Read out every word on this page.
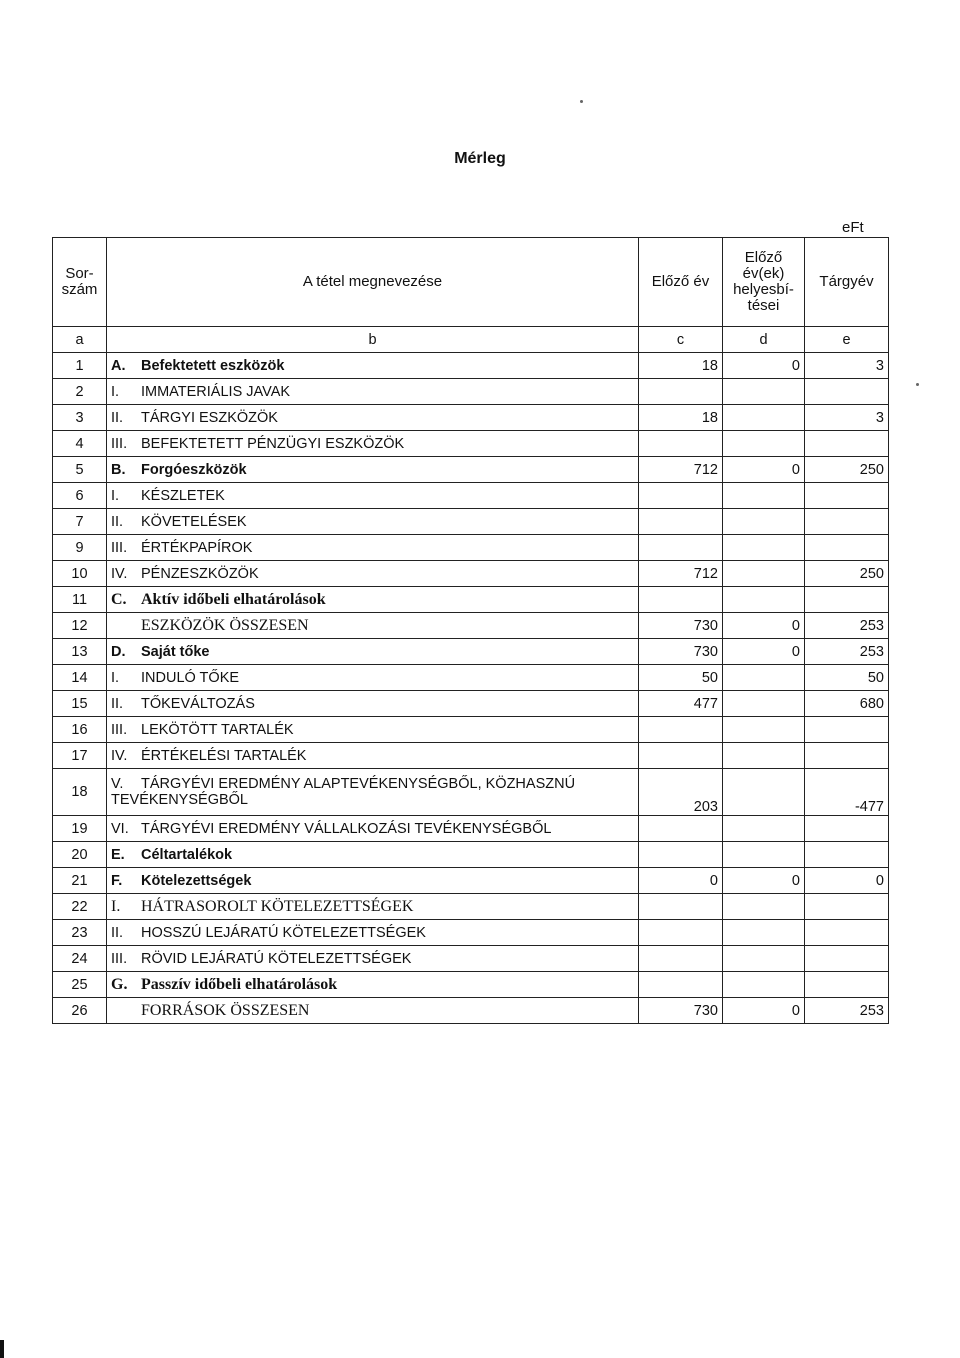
Mérleg
eFt
Sor-
szám	A tétel megnevezése	Előző év	Előző év(ek) helyesbí- tései	Tárgyév
a	b	c	d	e
1	A. Befektetett eszközök	18	0	3
2	I. IMMATERIÁLIS JAVAK			
3	II. TÁRGYI ESZKÖZÖK	18		3
4	III. BEFEKTETETT PÉNZÜGYI ESZKÖZÖK			
5	B. Forgóeszközök	712	0	250
6	I. KÉSZLETEK			
7	II. KÖVETELÉSEK			
9	III. ÉRTÉKPAPÍROK			
10	IV. PÉNZESZKÖZÖK	712		250
11	C. Aktív időbeli elhatárolások			
12	ESZKÖZÖK ÖSSZESEN	730	0	253
13	D. Saját tőke	730	0	253
14	I. INDULÓ TŐKE	50		50
15	II. TŐKEVÁLTOZÁS	477		680
16	III. LEKÖTÖTT TARTALÉK			
17	IV. ÉRTÉKELÉSI TARTALÉK			
18	V. TÁRGYÉVI EREDMÉNY ALAPTEVÉKENYSÉGBŐL, KÖZHASZNÚ TEVÉKENYSÉGBŐL	203		-477
19	VI. TÁRGYÉVI EREDMÉNY VÁLLALKOZÁSI TEVÉKENYSÉGBŐL			
20	E. Céltartalékok			
21	F. Kötelezettségek	0	0	0
22	I. HÁTRASOROLT KÖTELEZETTSÉGEK			
23	II. HOSSZÚ LEJÁRATÚ KÖTELEZETTSÉGEK			
24	III. RÖVID LEJÁRATÚ KÖTELEZETTSÉGEK			
25	G. Passzív időbeli elhatárolások			
26	FORRÁSOK ÖSSZESEN	730	0	253
